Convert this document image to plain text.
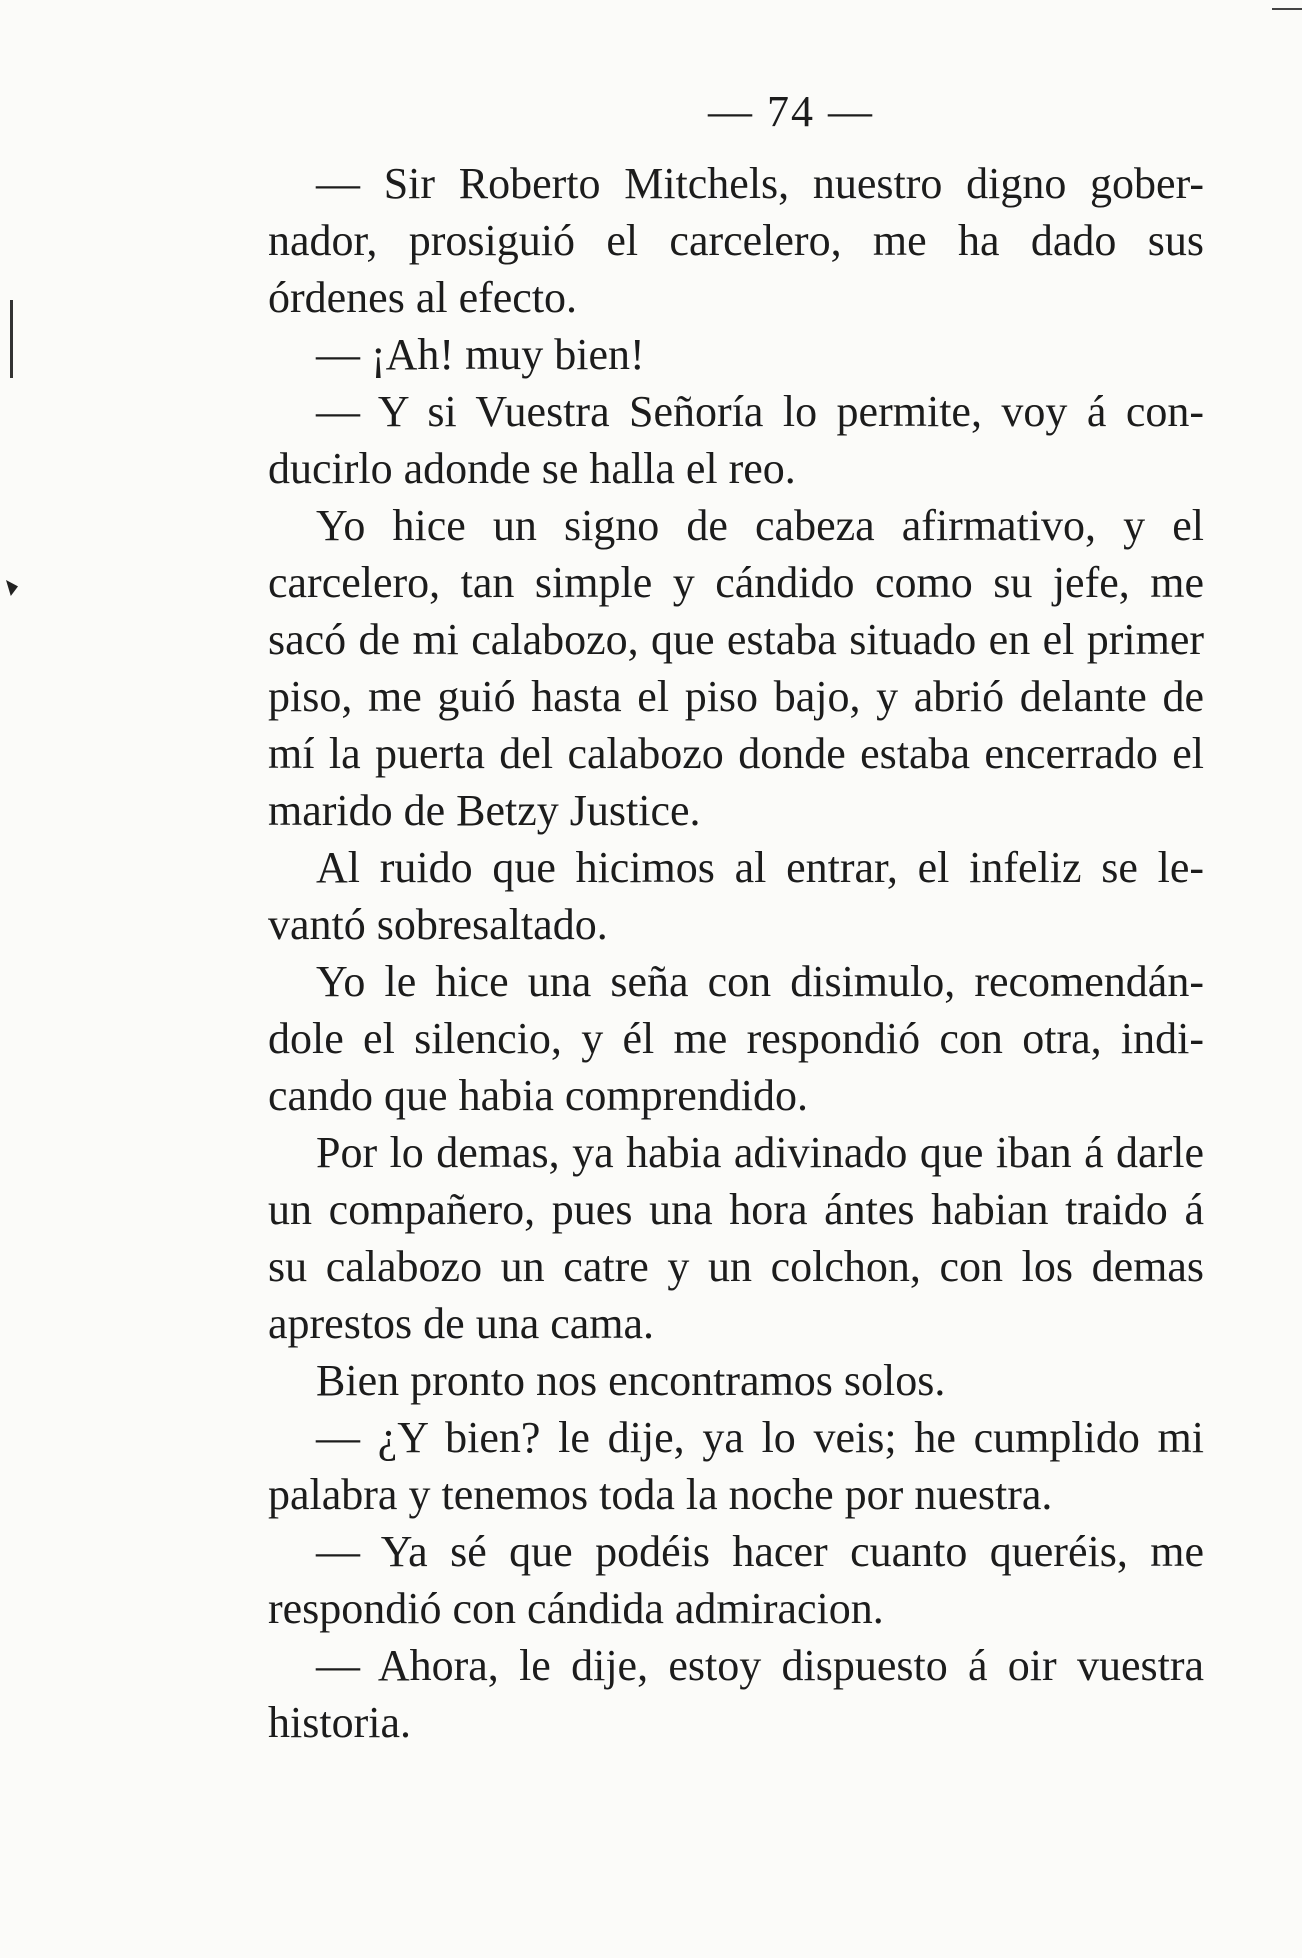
— 74 —

— Sir Roberto Mitchels, nuestro digno gober-nador, prosiguió el carcelero, me ha dado sus órdenes al efecto.

— ¡Ah! muy bien!

— Y si Vuestra Señoría lo permite, voy á con-ducirlo adonde se halla el reo.

Yo hice un signo de cabeza afirmativo, y el carcelero, tan simple y cándido como su jefe, me sacó de mi calabozo, que estaba situado en el primer piso, me guió hasta el piso bajo, y abrió delante de mí la puerta del calabozo donde estaba encerrado el marido de Betzy Justice.

Al ruido que hicimos al entrar, el infeliz se le-vantó sobresaltado.

Yo le hice una seña con disimulo, recomendán-dole el silencio, y él me respondió con otra, indi-cando que habia comprendido.

Por lo demas, ya habia adivinado que iban á darle un compañero, pues una hora ántes habian traido á su calabozo un catre y un colchon, con los demas aprestos de una cama.

Bien pronto nos encontramos solos.

— ¿Y bien? le dije, ya lo veis; he cumplido mi palabra y tenemos toda la noche por nuestra.

— Ya sé que podéis hacer cuanto queréis, me respondió con cándida admiracion.

— Ahora, le dije, estoy dispuesto á oir vuestra historia.
